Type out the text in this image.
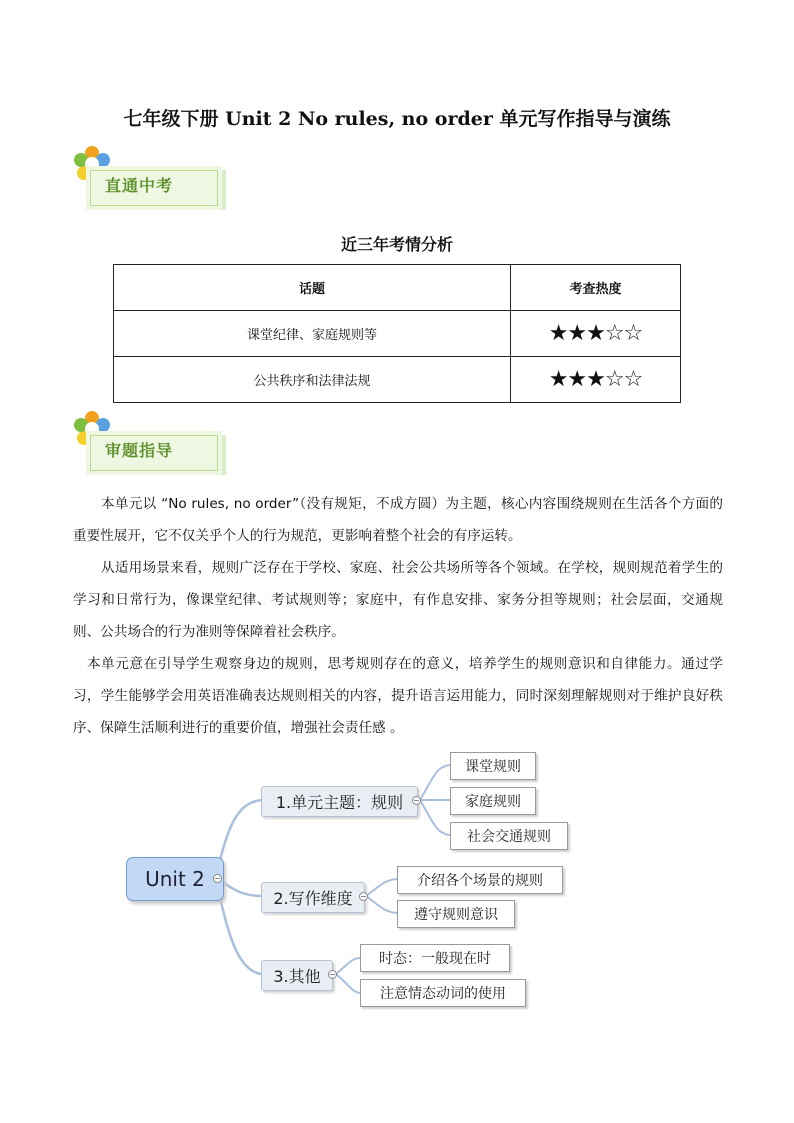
七年级下册 Unit 2 No rules, no order 单元写作指导与演练
直通中考
近三年考情分析
话题	考查热度
课堂纪律、家庭规则等	★★★☆☆
公共秩序和法律法规	★★★☆☆
审题指导

本单元以 “No rules, no order”（没有规矩，不成方圆）为主题，核心内容围绕规则在生活各个方面的重要性展开，它不仅关乎个人的行为规范，更影响着整个社会的有序运转。

从适用场景来看，规则广泛存在于学校、家庭、社会公共场所等各个领域。在学校，规则规范着学生的学习和日常行为，像课堂纪律、考试规则等；家庭中，有作息安排、家务分担等规则；社会层面，交通规则、公共场合的行为准则等保障着社会秩序。

本单元意在引导学生观察身边的规则，思考规则存在的意义，培养学生的规则意识和自律能力。通过学习，学生能够学会用英语准确表达规则相关的内容，提升语言运用能力，同时深刻理解规则对于维护良好秩序、保障生活顺利进行的重要价值，增强社会责任感 。

Unit 2
1.单元主题：规则
课堂规则
家庭规则
社会交通规则
2.写作维度
介绍各个场景的规则
遵守规则意识
3.其他
时态：一般现在时
注意情态动词的使用
